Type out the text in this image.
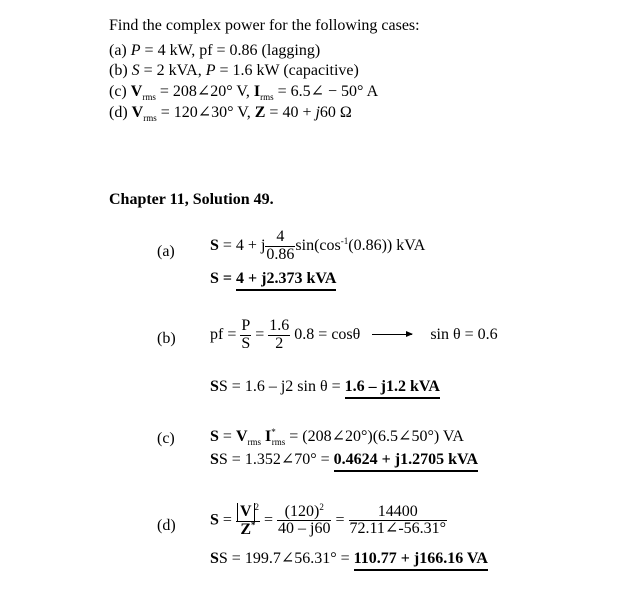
Find the complex power for the following cases:
(a) P = 4 kW, pf = 0.86 (lagging)
(b) S = 2 kVA, P = 1.6 kW (capacitive)
(c) $V_{rms}$ = 208∠20° V, $I_{rms}$ = 6.5∠ − 50° A
(d) $V_{rms}$ = 120∠30° V, Z = 40 + j60 Ω
Chapter 11, Solution 49.
(a) S = 4 + j $\frac{4}{0.86} \sin(\cos^{-1}(0.86))$ kVA
S = 4 + j2.373 kVA
(b) pf = $\frac{P}{S} = \frac{1.6}{2} 0.8 = \cos\theta$	sin θ = 0.6
SS = 1.6 – j2 sin θ = 1.6 – j1.2 kVA
(c) $S = V_{rms}$ $I^*_{rms}$ = (208∠20°)(6.5∠50°) VA
SS = 1.352∠70° = 0.4624 + j1.2705 kVA
(d) $S = \frac{V ^2}{Z^*} = \frac{(120)^2}{40 - j60} = \frac{14400}{72.11\angle-56.31^\circ}$
SS = 199.7∠56.31° = 110.77 + j166.16 VA
